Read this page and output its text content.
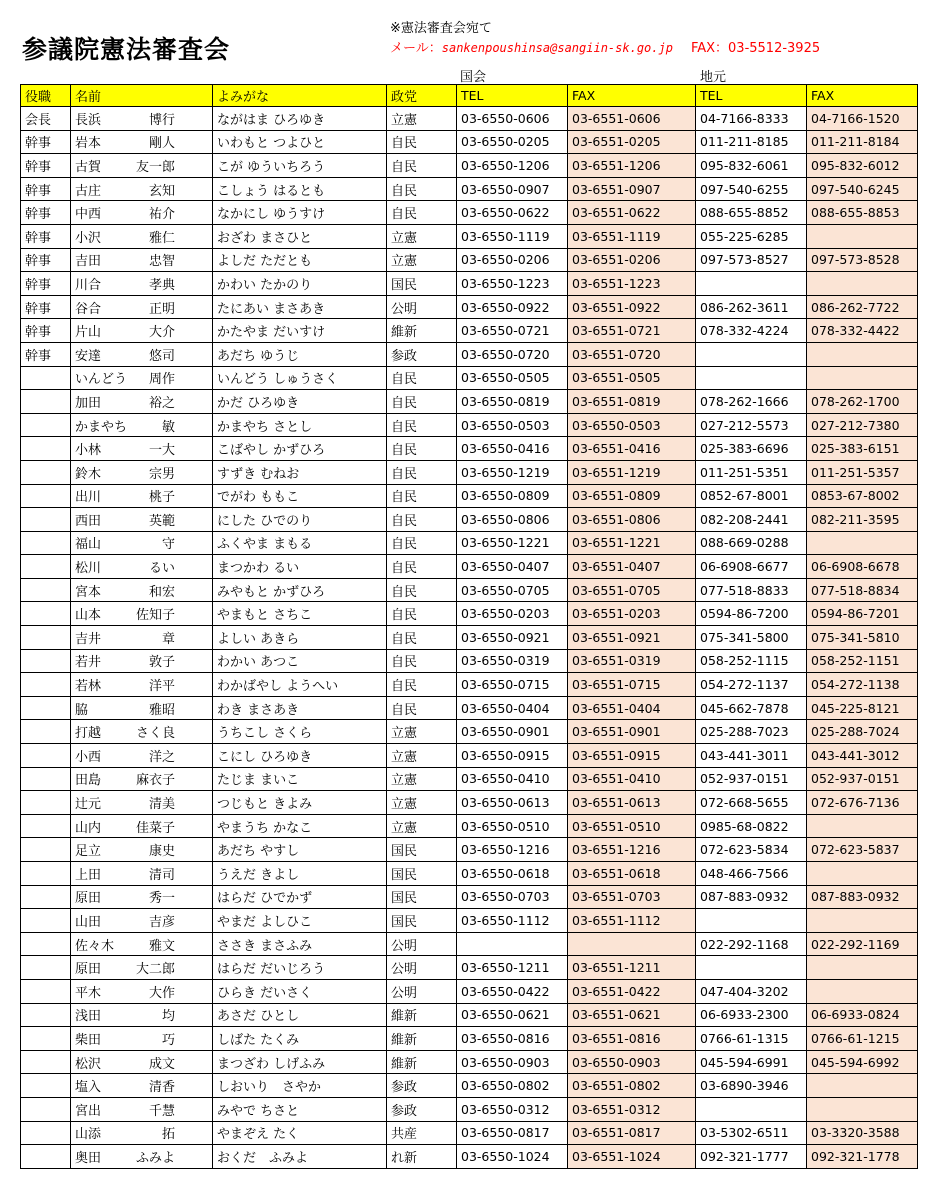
参議院憲法審査会
※憲法審査会宛て
メール：sankenpoushinsa@sangiin-sk.go.jp FAX：03-5512-3925
国会	地元
役職	名前	よみがな	政党	TEL	FAX	TEL	FAX
会長	長浜 博行	ながはま ひろゆき	立憲	03-6550-0606	03-6551-0606	04-7166-8333	04-7166-1520
幹事	岩本 剛人	いわもと つよひと	自民	03-6550-0205	03-6551-0205	011-211-8185	011-211-8184
幹事	古賀 友一郎	こが ゆういちろう	自民	03-6550-1206	03-6551-1206	095-832-6061	095-832-6012
幹事	古庄 玄知	こしょう はるとも	自民	03-6550-0907	03-6551-0907	097-540-6255	097-540-6245
幹事	中西 祐介	なかにし ゆうすけ	自民	03-6550-0622	03-6551-0622	088-655-8852	088-655-8853
幹事	小沢 雅仁	おざわ まさひと	立憲	03-6550-1119	03-6551-1119	055-225-6285	
幹事	吉田 忠智	よしだ ただとも	立憲	03-6550-0206	03-6551-0206	097-573-8527	097-573-8528
幹事	川合 孝典	かわい たかのり	国民	03-6550-1223	03-6551-1223		
幹事	谷合 正明	たにあい まさあき	公明	03-6550-0922	03-6551-0922	086-262-3611	086-262-7722
幹事	片山 大介	かたやま だいすけ	維新	03-6550-0721	03-6551-0721	078-332-4224	078-332-4422
幹事	安達 悠司	あだち ゆうじ	参政	03-6550-0720	03-6551-0720		

	いんどう 周作	いんどう しゅうさく	自民	03-6550-0505	03-6551-0505		

	加田 裕之	かだ ひろゆき	自民	03-6550-0819	03-6551-0819	078-262-1666	078-262-1700

	かまやち 敏	かまやち さとし	自民	03-6550-0503	03-6550-0503	027-212-5573	027-212-7380

	小林 一大	こばやし かずひろ	自民	03-6550-0416	03-6551-0416	025-383-6696	025-383-6151

	鈴木 宗男	すずき むねお	自民	03-6550-1219	03-6551-1219	011-251-5351	011-251-5357

	出川 桃子	でがわ ももこ	自民	03-6550-0809	03-6551-0809	0852-67-8001	0853-67-8002

	西田 英範	にした ひでのり	自民	03-6550-0806	03-6551-0806	082-208-2441	082-211-3595

	福山 守	ふくやま まもる	自民	03-6550-1221	03-6551-1221	088-669-0288	

	松川 るい	まつかわ るい	自民	03-6550-0407	03-6551-0407	06-6908-6677	06-6908-6678

	宮本 和宏	みやもと かずひろ	自民	03-6550-0705	03-6551-0705	077-518-8833	077-518-8834

	山本 佐知子	やまもと さちこ	自民	03-6550-0203	03-6551-0203	0594-86-7200	0594-86-7201

	吉井 章	よしい あきら	自民	03-6550-0921	03-6551-0921	075-341-5800	075-341-5810

	若井 敦子	わかい あつこ	自民	03-6550-0319	03-6551-0319	058-252-1115	058-252-1151

	若林 洋平	わかばやし ようへい	自民	03-6550-0715	03-6551-0715	054-272-1137	054-272-1138

	脇 雅昭	わき まさあき	自民	03-6550-0404	03-6551-0404	045-662-7878	045-225-8121

	打越 さく良	うちこし さくら	立憲	03-6550-0901	03-6551-0901	025-288-7023	025-288-7024

	小西 洋之	こにし ひろゆき	立憲	03-6550-0915	03-6551-0915	043-441-3011	043-441-3012

	田島 麻衣子	たじま まいこ	立憲	03-6550-0410	03-6551-0410	052-937-0151	052-937-0151

	辻元 清美	つじもと きよみ	立憲	03-6550-0613	03-6551-0613	072-668-5655	072-676-7136

	山内 佳菜子	やまうち かなこ	立憲	03-6550-0510	03-6551-0510	0985-68-0822	

	足立 康史	あだち やすし	国民	03-6550-1216	03-6551-1216	072-623-5834	072-623-5837

	上田 清司	うえだ きよし	国民	03-6550-0618	03-6551-0618	048-466-7566	

	原田 秀一	はらだ ひでかず	国民	03-6550-0703	03-6551-0703	087-883-0932	087-883-0932

	山田 吉彦	やまだ よしひこ	国民	03-6550-1112	03-6551-1112		

	佐々木 雅文	ささき まさふみ	公明			022-292-1168	022-292-1169

	原田 大二郎	はらだ だいじろう	公明	03-6550-1211	03-6551-1211		

	平木 大作	ひらき だいさく	公明	03-6550-0422	03-6551-0422	047-404-3202	

	浅田 均	あさだ ひとし	維新	03-6550-0621	03-6551-0621	06-6933-2300	06-6933-0824

	柴田 巧	しばた たくみ	維新	03-6550-0816	03-6551-0816	0766-61-1315	0766-61-1215

	松沢 成文	まつざわ しげふみ	維新	03-6550-0903	03-6550-0903	045-594-6991	045-594-6992

	塩入 清香	しおいり　さやか	参政	03-6550-0802	03-6551-0802	03-6890-3946	

	宮出 千慧	みやで ちさと	参政	03-6550-0312	03-6551-0312		

	山添 拓	やまぞえ たく	共産	03-6550-0817	03-6551-0817	03-5302-6511	03-3320-3588

	奥田 ふみよ	おくだ　ふみよ	れ新	03-6550-1024	03-6551-1024	092-321-1777	092-321-1778
